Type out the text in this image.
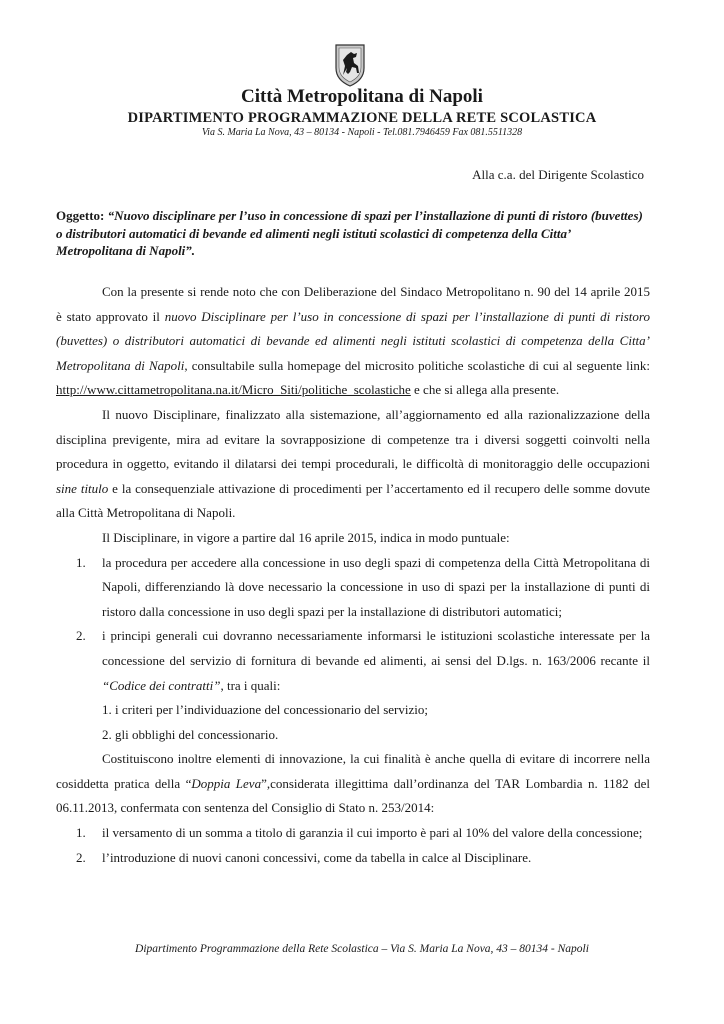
Città Metropolitana di Napoli
DIPARTIMENTO PROGRAMMAZIONE DELLA RETE SCOLASTICA
Via S. Maria La Nova, 43 – 80134 - Napoli - Tel.081.7946459 Fax 081.5511328
Alla c.a. del Dirigente Scolastico
Oggetto: “Nuovo disciplinare per l’uso in concessione di spazi per l’installazione di punti di ristoro (buvettes) o distributori automatici di bevande ed alimenti negli istituti scolastici di competenza della Citta’ Metropolitana di Napoli”.

Con la presente si rende noto che con Deliberazione del Sindaco Metropolitano n. 90 del 14 aprile 2015 è stato approvato il nuovo Disciplinare per l’uso in concessione di spazi per l’installazione di punti di ristoro (buvettes) o distributori automatici di bevande ed alimenti negli istituti scolastici di competenza della Citta’ Metropolitana di Napoli, consultabile sulla homepage del microsito politiche scolastiche di cui al seguente link: http://www.cittametropolitana.na.it/Micro_Siti/politiche_scolastiche e che si allega alla presente.

Il nuovo Disciplinare, finalizzato alla sistemazione, all’aggiornamento ed alla razionalizzazione della disciplina previgente, mira ad evitare la sovrapposizione di competenze tra i diversi soggetti coinvolti nella procedura in oggetto, evitando il dilatarsi dei tempi procedurali, le difficoltà di monitoraggio delle occupazioni sine titulo e la consequenziale attivazione di procedimenti per l’accertamento ed il recupero delle somme dovute alla Città Metropolitana di Napoli.

Il Disciplinare, in vigore a partire dal 16 aprile 2015, indica in modo puntuale:

1. la procedura per accedere alla concessione in uso degli spazi di competenza della Città Metropolitana di Napoli, differenziando là dove necessario la concessione in uso di spazi per la installazione di punti di ristoro dalla concessione in uso degli spazi per la installazione di distributori automatici;
2. i principi generali cui dovranno necessariamente informarsi le istituzioni scolastiche interessate per la concessione del servizio di fornitura di bevande ed alimenti, ai sensi del D.lgs. n. 163/2006 recante il “Codice dei contratti”, tra i quali:
1. i criteri per l’individuazione del concessionario del servizio;
2. gli obblighi del concessionario.

Costituiscono inoltre elementi di innovazione, la cui finalità è anche quella di evitare di incorrere nella cosiddetta pratica della “Doppia Leva”,considerata illegittima dall’ordinanza del TAR Lombardia n. 1182 del 06.11.2013, confermata con sentenza del Consiglio di Stato n. 253/2014:

1. il versamento di un somma a titolo di garanzia il cui importo è pari al 10% del valore della concessione;
2. l’introduzione di nuovi canoni concessivi, come da tabella in calce al Disciplinare.
Dipartimento Programmazione della Rete Scolastica – Via S. Maria La Nova, 43 – 80134 - Napoli
